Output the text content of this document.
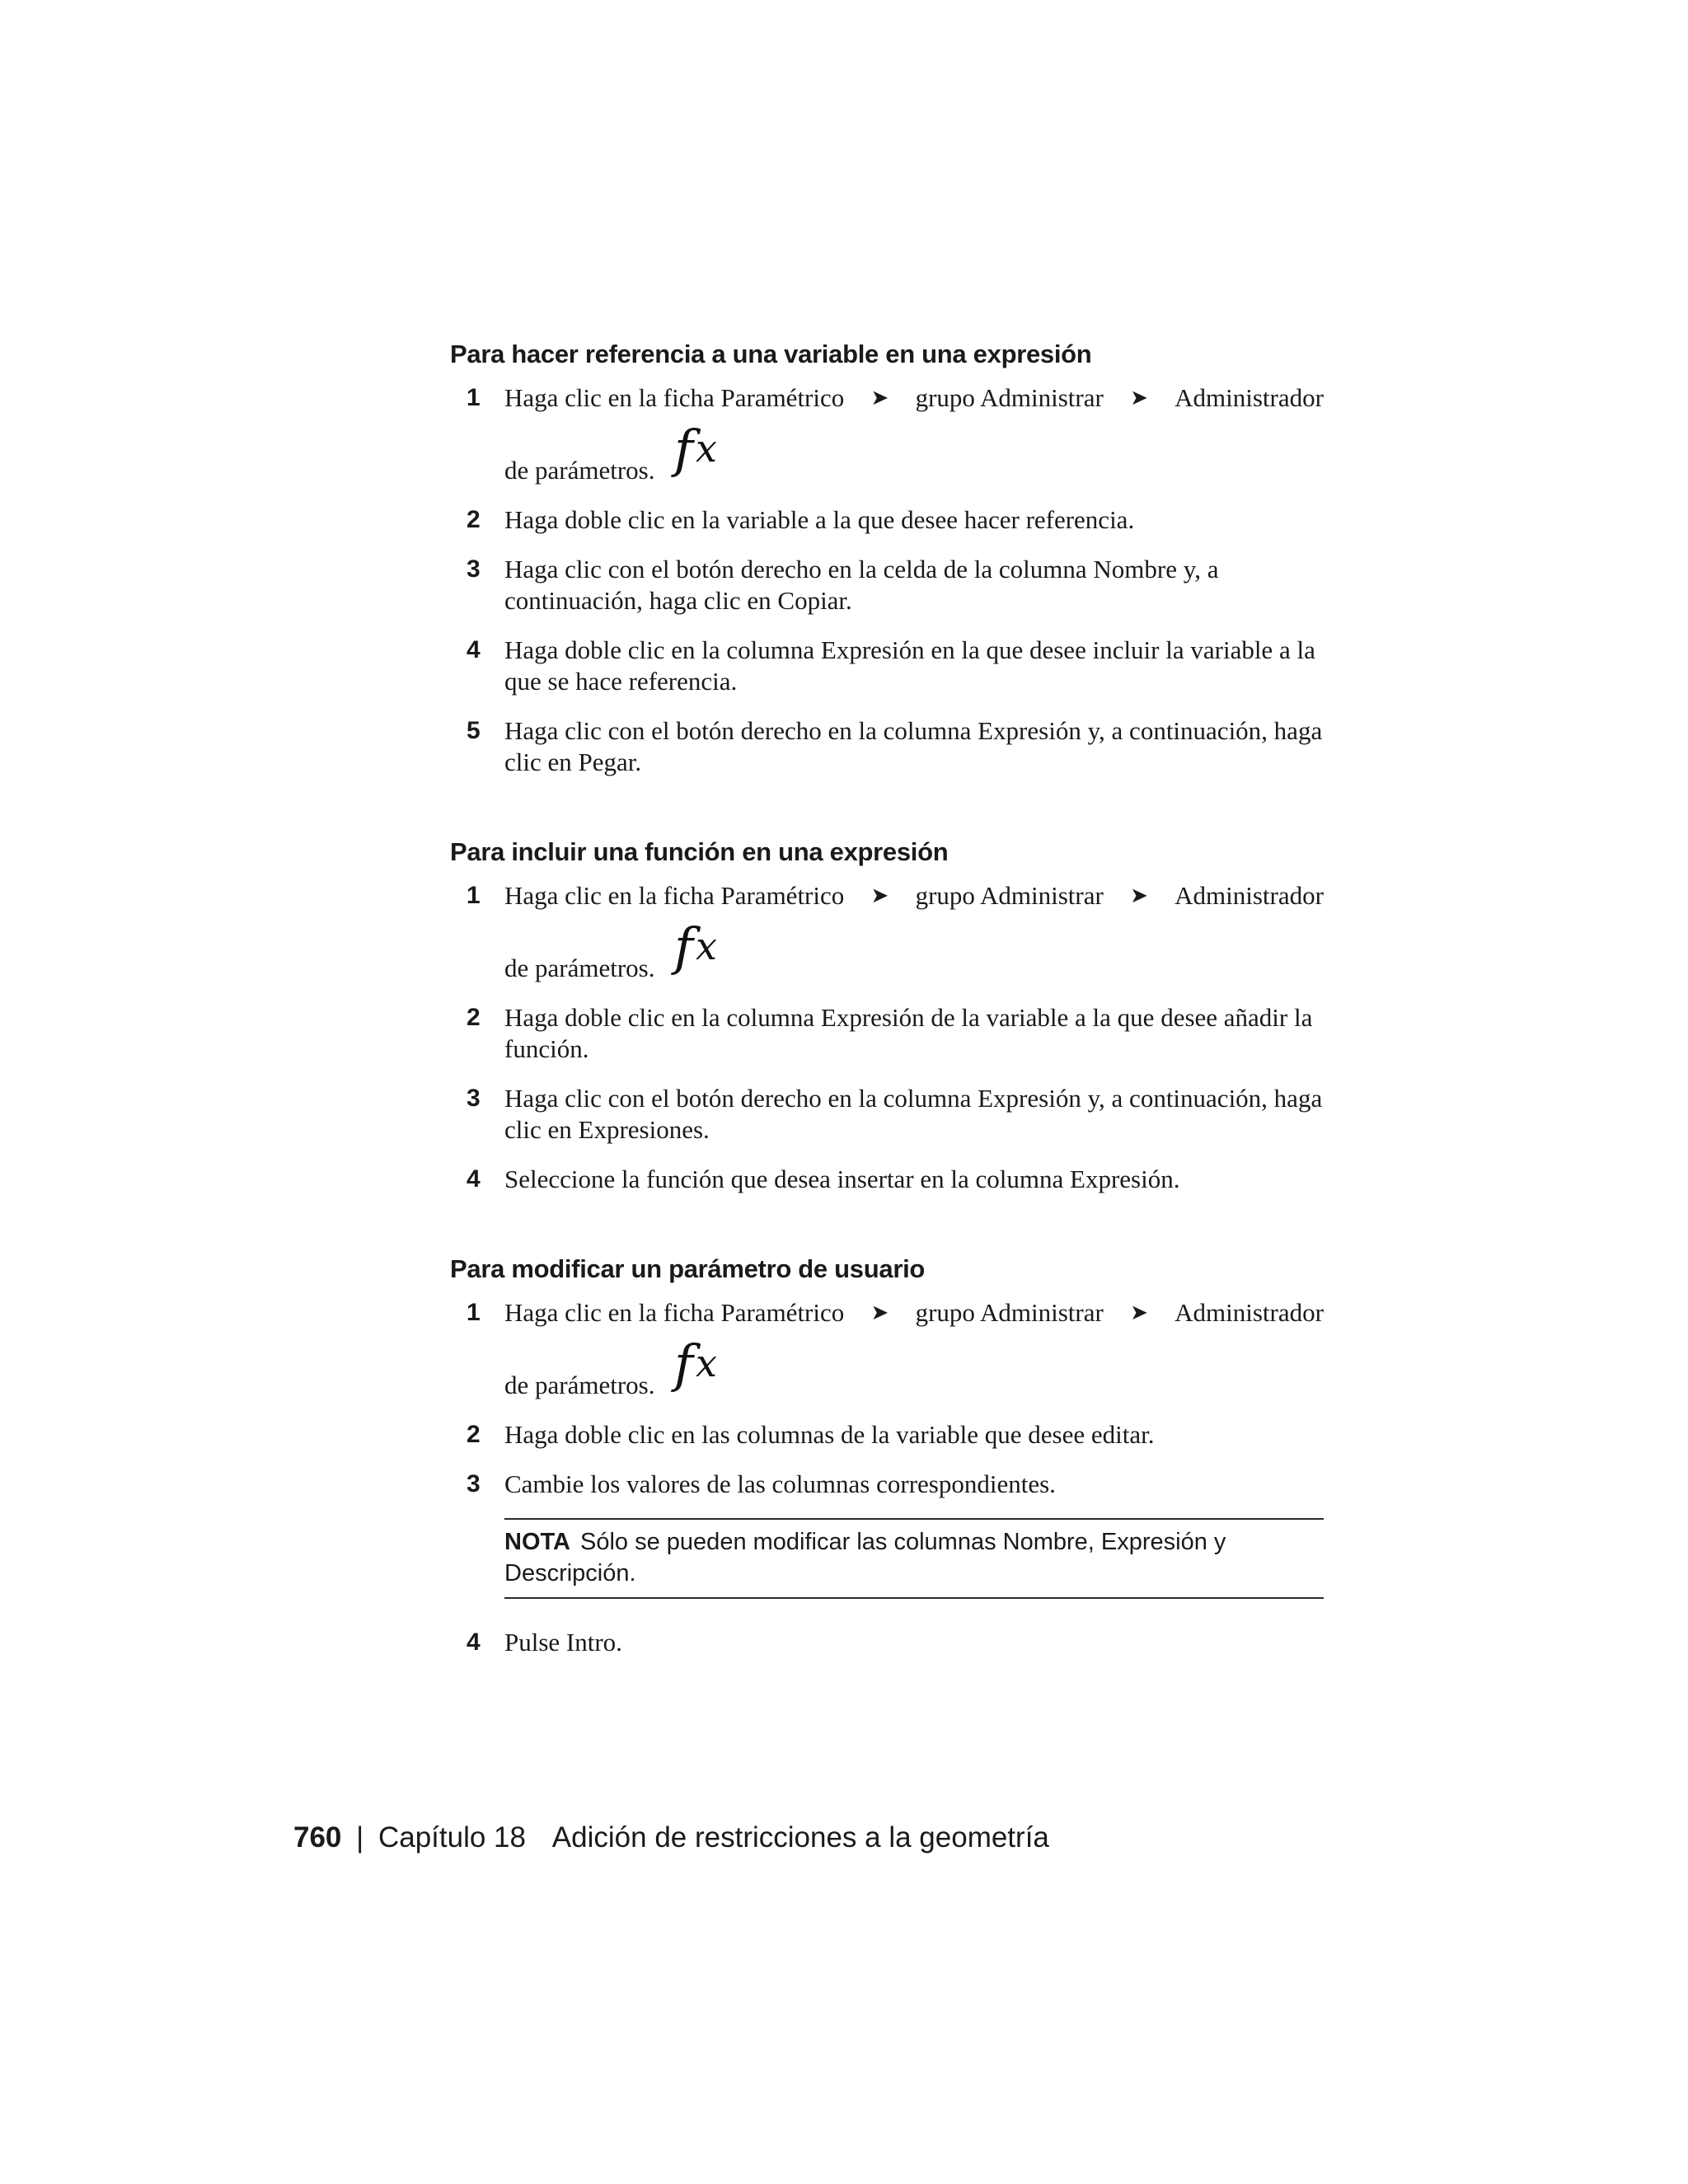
Para hacer referencia a una variable en una expresión
1 Haga clic en la ficha Paramétrico ➤ grupo Administrar ➤ Administrador
de parámetros. f x
2 Haga doble clic en la variable a la que desee hacer referencia.
3 Haga clic con el botón derecho en la celda de la columna Nombre y, a continuación, haga clic en Copiar.
4 Haga doble clic en la columna Expresión en la que desee incluir la variable a la que se hace referencia.
5 Haga clic con el botón derecho en la columna Expresión y, a continuación, haga clic en Pegar.
Para incluir una función en una expresión
1 Haga clic en la ficha Paramétrico ➤ grupo Administrar ➤ Administrador
de parámetros. f x
2 Haga doble clic en la columna Expresión de la variable a la que desee añadir la función.
3 Haga clic con el botón derecho en la columna Expresión y, a continuación, haga clic en Expresiones.
4 Seleccione la función que desea insertar en la columna Expresión.
Para modificar un parámetro de usuario
1 Haga clic en la ficha Paramétrico ➤ grupo Administrar ➤ Administrador
de parámetros. f x
2 Haga doble clic en las columnas de la variable que desee editar.
3 Cambie los valores de las columnas correspondientes.
NOTA Sólo se pueden modificar las columnas Nombre, Expresión y Descripción.
4 Pulse Intro.
760 | Capítulo 18 Adición de restricciones a la geometría
